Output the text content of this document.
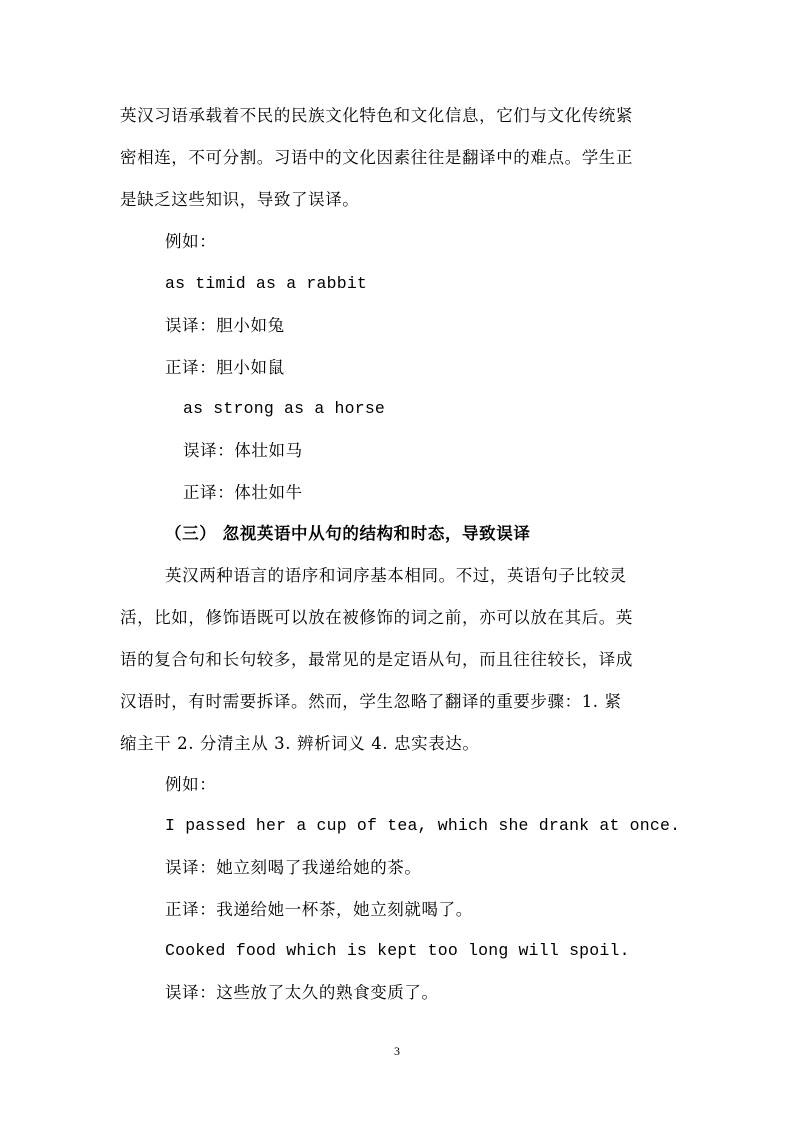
英汉习语承载着不民的民族文化特色和文化信息，它们与文化传统紧
密相连，不可分割。习语中的文化因素往往是翻译中的难点。学生正
是缺乏这些知识，导致了误译。
例如：
as timid as a rabbit
误译：胆小如兔
正译：胆小如鼠
as strong as a horse
误译：体壮如马
正译：体壮如牛
（三） 忽视英语中从句的结构和时态，导致误译
英汉两种语言的语序和词序基本相同。不过，英语句子比较灵
活，比如，修饰语既可以放在被修饰的词之前，亦可以放在其后。英
语的复合句和长句较多，最常见的是定语从句，而且往往较长，译成
汉语时，有时需要拆译。然而，学生忽略了翻译的重要步骤：1. 紧
缩主干 2. 分清主从 3. 辨析词义 4. 忠实表达。
例如：
I passed her a cup of tea, which she drank at once.
误译：她立刻喝了我递给她的茶。
正译：我递给她一杯茶，她立刻就喝了。
Cooked food which is kept too long will spoil.
误译：这些放了太久的熟食变质了。
3
